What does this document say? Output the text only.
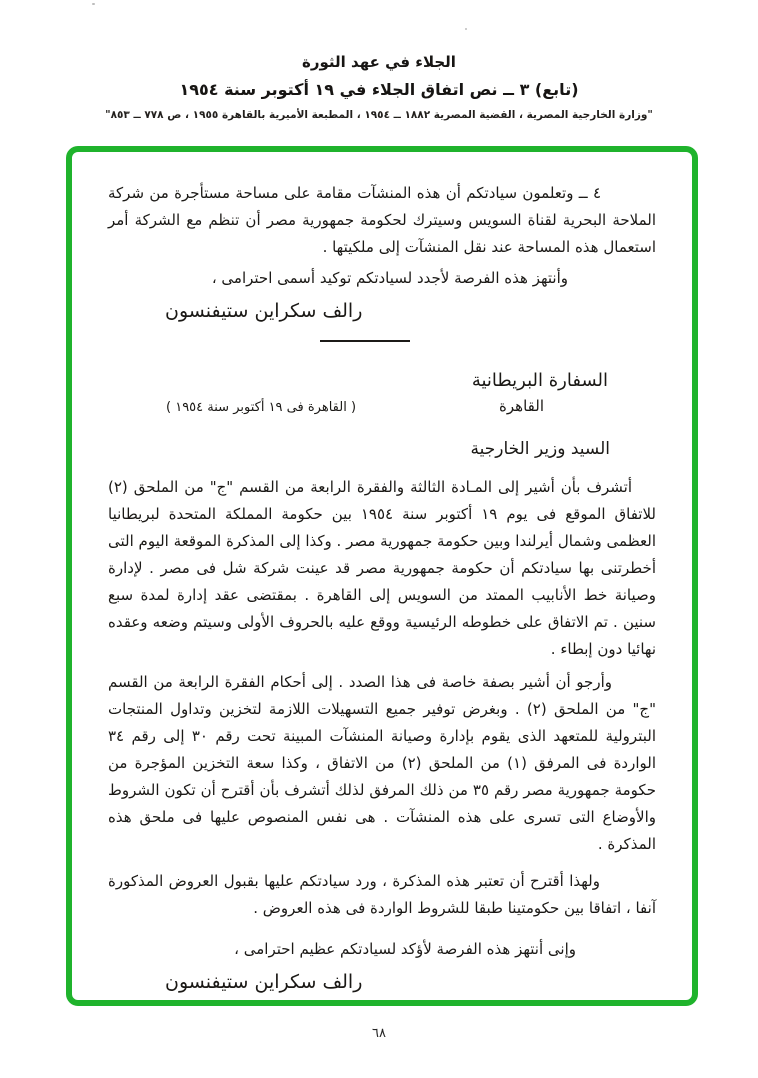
الجلاء في عهد الثورة
(تابع) ٣ ــ نص اتفاق الجلاء في ١٩ أكتوبر سنة ١٩٥٤
"وزارة الخارجية المصرية ، القضية المصرية ١٨٨٢ ــ ١٩٥٤ ، المطبعة الأميرية بالقاهرة ١٩٥٥ ، ص ٧٧٨ ــ ٨٥٣"

٤ ــ وتعلمون سيادتكم أن هذه المنشآت مقامة على مساحة مستأجرة من شركة الملاحة البحرية لقناة السويس وسيترك لحكومة جمهورية مصر أن تنظم مع الشركة أمر استعمال هذه المساحة عند نقل المنشآت إلى ملكيتها .

وأنتهز هذه الفرصة لأجدد لسيادتكم توكيد أسمى احترامى ،

رالف سكراين ستيفنسون
السفارة البريطانية
القاهرة
( القاهرة فى ١٩ أكتوبر سنة ١٩٥٤ )
السيد وزير الخارجية

أتشرف بأن أشير إلى المـادة الثالثة والفقرة الرابعة من القسم "ج" من الملحق (٢) للاتفاق الموقع فى يوم ١٩ أكتوبر سنة ١٩٥٤ بين حكومة المملكة المتحدة لبريطانيا العظمى وشمال أيرلندا وبين حكومة جمهورية مصر . وكذا إلى المذكرة الموقعة اليوم التى أخطرتنى بها سيادتكم أن حكومة جمهورية مصر قد عينت شركة شل فى مصر . لإدارة وصيانة خط الأنابيب الممتد من السويس إلى القاهرة . بمقتضى عقد إدارة لمدة سبع سنين . تم الاتفاق على خطوطه الرئيسية ووقع عليه بالحروف الأولى وسيتم وضعه وعقده نهائيا دون إبطاء .

وأرجو أن أشير بصفة خاصة فى هذا الصدد . إلى أحكام الفقرة الرابعة من القسم "ج" من الملحق (٢) . وبغرض توفير جميع التسهيلات اللازمة لتخزين وتداول المنتجات البترولية للمتعهد الذى يقوم بإدارة وصيانة المنشآت المبينة تحت رقم ٣٠ إلى رقم ٣٤ الواردة فى المرفق (١) من الملحق (٢) من الاتفاق ، وكذا سعة التخزين المؤجرة من حكومة جمهورية مصر رقم ٣٥ من ذلك المرفق لذلك أتشرف بأن أقترح أن تكون الشروط والأوضاع التى تسرى على هذه المنشآت . هى نفس المنصوص عليها فى ملحق هذه المذكرة .

ولهذا أقترح أن تعتبر هذه المذكرة ، ورد سيادتكم عليها بقبول العروض المذكورة آنفا ، اتفاقا بين حكومتينا طبقا للشروط الواردة فى هذه العروض .

وإنى أنتهز هذه الفرصة لأؤكد لسيادتكم عظيم احترامى ،

رالف سكراين ستيفنسون
٦٨
